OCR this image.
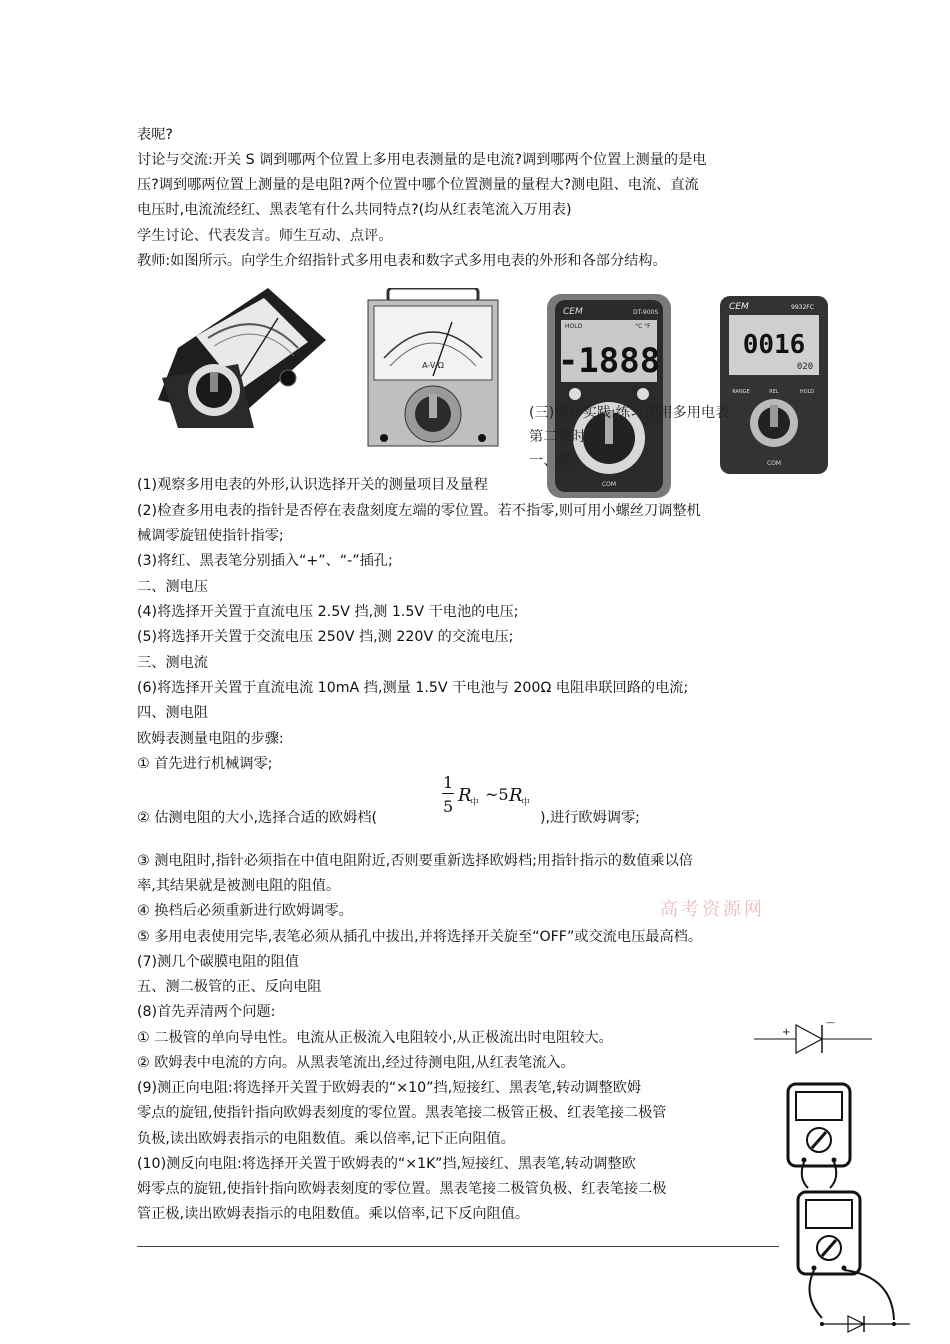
表呢?
讨论与交流:开关 S 调到哪两个位置上多用电表测量的是电流?调到哪两个位置上测量的是电
压?调到哪两位置上测量的是电阻?两个位置中哪个位置测量的量程大?测电阻、电流、直流
电压时,电流流经红、黑表笔有什么共同特点?(均从红表笔流入万用表)
学生讨论、代表发言。师生互动、点评。
教师:如图所示。向学生介绍指针式多用电表和数字式多用电表的外形和各部分结构。
A-V-Ω
CEM	DT-900S
HOLD	°C °F
-1888
COM
CEM	9932FC
0016
020
RANGE	REL	HOLD
COM
(三)操作实践:练习使用多用电表
第二课时
一、准
(1)观察多用电表的外形,认识选择开关的测量项目及量程
(2)检查多用电表的指针是否停在表盘刻度左端的零位置。若不指零,则可用小螺丝刀调整机
械调零旋钮使指针指零;
(3)将红、黑表笔分别插入“+”、“-”插孔;
二、测电压
(4)将选择开关置于直流电压 2.5V 挡,测 1.5V 干电池的电压;
(5)将选择开关置于交流电压 250V 挡,测 220V 的交流电压;
三、测电流
(6)将选择开关置于直流电流 10mA 挡,测量 1.5V 干电池与 200Ω 电阻串联回路的电流;
四、测电阻
欧姆表测量电阻的步骤:
① 首先进行机械调零;
② 估测电阻的大小,选择合适的欧姆档(
1
5
R
中 ~5 R
中
),进行欧姆调零;
③ 测电阻时,指针必须指在中值电阻附近,否则要重新选择欧姆档;用指针指示的数值乘以倍
率,其结果就是被测电阻的阻值。
④ 换档后必须重新进行欧姆调零。
⑤ 多用电表使用完毕,表笔必须从插孔中拔出,并将选择开关旋至“OFF”或交流电压最高档。
(7)测几个碳膜电阻的阻值
五、测二极管的正、反向电阻
(8)首先弄清两个问题:
① 二极管的单向导电性。电流从正极流入电阻较小,从正极流出时电阻较大。
② 欧姆表中电流的方向。从黑表笔流出,经过待测电阻,从红表笔流入。
(9)测正向电阻:将选择开关置于欧姆表的“×10”挡,短接红、黑表笔,转动调整欧姆
零点的旋钮,使指针指向欧姆表刻度的零位置。黑表笔接二极管正极、红表笔接二极管
负极,读出欧姆表指示的电阻数值。乘以倍率,记下正向阻值。
(10)测反向电阻:将选择开关置于欧姆表的“×1K”挡,短接红、黑表笔,转动调整欧
姆零点的旋钮,使指针指向欧姆表刻度的零位置。黑表笔接二极管负极、红表笔接二极
管正极,读出欧姆表指示的电阻数值。乘以倍率,记下反向阻值。
高考资源网
+
—
